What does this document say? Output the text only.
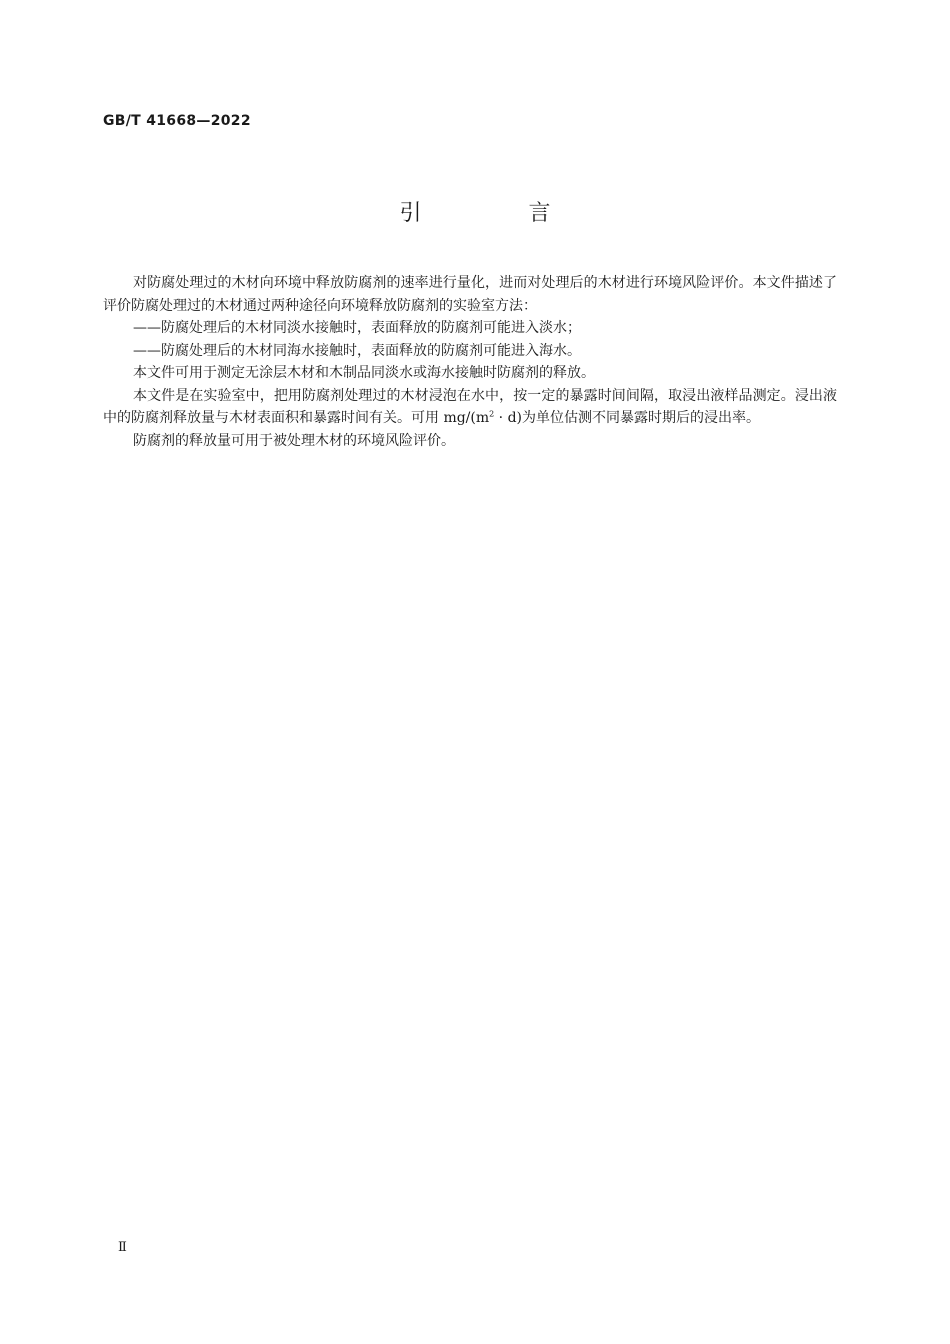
GB/T 41668—2022
引 言

对防腐处理过的木材向环境中释放防腐剂的速率进行量化，进而对处理后的木材进行环境风险评价。本文件描述了评价防腐处理过的木材通过两种途径向环境释放防腐剂的实验室方法：

——防腐处理后的木材同淡水接触时，表面释放的防腐剂可能进入淡水；

——防腐处理后的木材同海水接触时，表面释放的防腐剂可能进入海水。

本文件可用于测定无涂层木材和木制品同淡水或海水接触时防腐剂的释放。

本文件是在实验室中，把用防腐剂处理过的木材浸泡在水中，按一定的暴露时间间隔，取浸出液样品测定。浸出液中的防腐剂释放量与木材表面积和暴露时间有关。可用 $mg/(m^2 \cdot d)$为单位估测不同暴露时期后的浸出率。

防腐剂的释放量可用于被处理木材的环境风险评价。

Ⅱ
